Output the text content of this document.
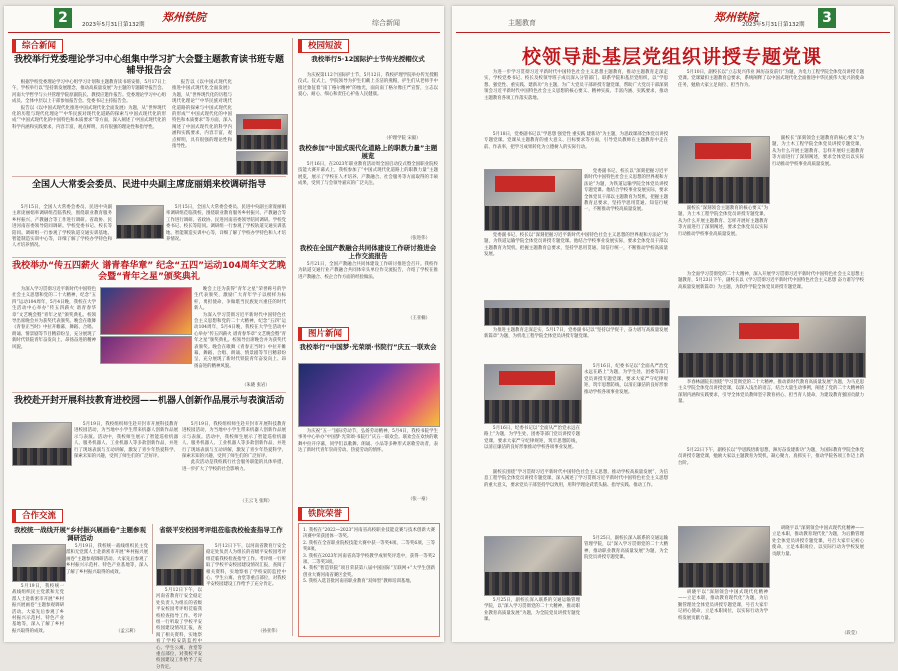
2	郑州铁院
2023年5月31日第132期	综合新闻
综合新闻
我校举行党委理论学习中心组集中学习扩大会暨主题教育读书班专题辅导报告会

根据学校党委理论学习中心组学习计划和主题教育读书班安排，5月17日上午，学校举行以“坚持新发展理念，推动高质量发展”为主题的专题辅导报告会。河南大学哲学与公共管理学院原副院长、教授应邀作报告。党委理论学习中心组成员、全体中层以上干部参加报告会。党委书记主持报告会。

报告以《以中国式现代化推进中国式现代化全面发展》为题，从“世界现代化的历程与现代化理论”“中华民族对现代化道路的探索与中国式现代化的形成”“中国式现代化的中国特色和本质要求”等方面，深入阐述了中国式现代化的科学内涵和实践要求，内容丰富，观点鲜明，具有很强的理论性和指导性。

报告以《以中国式现代化推进中国式现代化全面发展》为题，从“世界现代化的历程与现代化理论”“中华民族对现代化道路的探索与中国式现代化的形成”“中国式现代化的中国特色和本质要求”等方面，深入阐述了中国式现代化的科学内涵和实践要求，内容丰富，观点鲜明，具有很强的理论性和指导性。

全国人大常委会委员、民进中央副主席庞丽娟来校调研指导

5月15日，全国人大常委会委员、民进中央副主席庞丽娟率调研组莅临我校，围绕职业教育服务乡村振兴、产教融合等工作进行调研。省政协、民进河南省委领导陪同调研。学校党委书记、校长等陪同。调研组一行参观了学校轨道交通实训基地、智能制造实训中心等，详细了解了学校办学特色和人才培养情况。

5月15日，全国人大常委会委员、民进中央副主席庞丽娟率调研组莅临我校，围绕职业教育服务乡村振兴、产教融合等工作进行调研。省政协、民进河南省委领导陪同调研。学校党委书记、校长等陪同。调研组一行参观了学校轨道交通实训基地、智能制造实训中心等，详细了解了学校办学特色和人才培养情况。

我校举办“传五四薪火 谱青春华章” 纪念“五四”运动104周年文艺晚会暨“青年之星”颁奖典礼

为深入学习贯彻习近平新时代中国特色社会主义思想和党的二十大精神，纪念“五四”运动104周年，5月4日晚，我校在大学生活动中心举办“传五四薪火 谱青春华章”文艺晚会暨“青年之星”颁奖典礼。校领导出席晚会并为获奖代表颁奖。晚会在歌舞《青春正当时》中拉开帷幕，舞蹈、合唱、朗诵、情景剧等节目精彩纷呈，充分展现了新时代铁院青年奋发向上、昂扬奋进的精神风貌。

晚会上还为获得“青年之星”荣誉称号的学生代表颁奖，激励广大青年学子以榜样为标杆，勇担使命，争做堪当民族复兴重任的时代新人。

为深入学习贯彻习近平新时代中国特色社会主义思想和党的二十大精神，纪念“五四”运动104周年，5月4日晚，我校在大学生活动中心举办“传五四薪火 谱青春华章”文艺晚会暨“青年之星”颁奖典礼。校领导出席晚会并为获奖代表颁奖。晚会在歌舞《青春正当时》中拉开帷幕，舞蹈、合唱、朗诵、情景剧等节目精彩纷呈，充分展现了新时代铁院青年奋发向上、昂扬奋进的精神风貌。

（朱晓 张岩）
我校赴开封开展科技教育进校园——机器人创新作品展示与表演活动

5月19日，我校组织师生赴开封市开展科技教育进校园活动，为当地中小学生带来机器人创新作品展示与表演。活动中，我校师生展示了智能巡检机器人、服务机器人、工业机器人等多款创新作品，并进行了现场表演与互动讲解，激发了青少年热爱科学、探索未知的兴趣，受到了师生们的广泛好评。

5月19日，我校组织师生赴开封市开展科技教育进校园活动，为当地中小学生带来机器人创新作品展示与表演。活动中，我校师生展示了智能巡检机器人、服务机器人、工业机器人等多款创新作品，并进行了现场表演与互动讲解，激发了青少年热爱科学、探索未知的兴趣，受到了师生们的广泛好评。

此次活动是我校践行社会服务职能的具体举措，进一步扩大了学校的社会影响力。

（王云飞 张辉）
合作交流
我校统一战线开展“乡村振兴展画卷”主题参观调研活动

5月19日，我校统一战线组织民主党派和无党派人士赴新密市开展“乡村振兴展画卷”主题参观调研活动。大家先后参观了乡村振兴示范村、特色产业基地等，深入了解了乡村振兴取得的成效。

5月19日，我校统一战线组织民主党派和无党派人士赴新密市开展“乡村振兴展画卷”主题参观调研活动。大家先后参观了乡村振兴示范村、特色产业基地等，深入了解了乡村振兴取得的成效。	（孟云莉）
省级平安校园考评组莅临我校检查指导工作

5月12日下午，以河南省教育厅安全稳定处负责人为组长的省级平安校园考评组莅临我校检查指导工作。考评组一行听取了学校平安校园建设情况汇报，查阅了相关资料，实地察看了学校安防监控中心、学生公寓、食堂等重点部位，对我校平安校园建设工作给予了充分肯定。

5月12日下午，以河南省教育厅安全稳定处负责人为组长的省级平安校园考评组莅临我校检查指导工作。考评组一行听取了学校平安校园建设情况汇报，查阅了相关资料，实地察看了学校安防监控中心、学生公寓、食堂等重点部位，对我校平安校园建设工作给予了充分肯定。

（孙亚伟）
校园短波
我校举行5·12国际护士节传光授帽仪式

为庆祝第112个国际护士节，5月12日，我校护理学院举办传光授帽仪式。仪式上，学院领导为护生们戴上圣洁的燕帽，护生们从老师手中接过象征着“南丁格尔精神”的烛光，面向南丁格尔像庄严宣誓，立志以爱心、耐心、细心和责任心护佑人民健康。

（护理学院 宋毅）
我校参加“中国式现代化道路上的职教力量”主题展览

5月16日，在2023年职业教育活动周全国启动仪式暨全国职业院校技能大赛开幕式上，我校参加了“中国式现代化道路上的职教力量”主题展览，展示了学校在人才培养、产教融合、社会服务等方面取得的丰硕成果，受到了与会领导嘉宾的广泛关注。

（张进伟）
我校在全国产教融合共同体建设工作研讨推进会上作交流报告

5月21日，全国产教融合共同体建设工作研讨推进会召开。我校作为轨道交通行业产教融合共同体牵头单位作交流报告，介绍了学校在推进产教融合、校企合作方面的经验做法。

（王亚楠）
图片新闻
我校举行“中国梦·光荣颂·书院行”庆五一联欢会

为庆祝“五一”国际劳动节，弘扬劳动精神，5月4日，我校书院学生事务中心举办“中国梦·光荣颂·书院行”庆五一联欢会。联欢会在欢快的歌舞中拉开序幕，同学们以歌舞、朗诵、小品等多种形式讴歌劳动者，表达了新时代青年崇尚劳动、热爱劳动的情怀。

（张一豪）
铁院荣誉
1. 我校在“2022—2023”河南省高校职业技能竞赛与技术创新大赛决赛中荣获团体一等奖。
2. 我校在全省职业院校技能大赛中获一等奖4项、二等奖6项、三等奖8项。
3. 我校在2023年河南省高等学校教学成果奖评选中，获得一等奖2项、二等奖3项。
4. 我校“智造铁院”项目荣获第八届中国国际“互联网+”大学生创新创业大赛河南省赛区金奖。
5. 我校入选首批河南省职业教育“双师型”教师培训基地。
主题教育	郑州铁院
2023年5月31日第132期 3
校领导赴基层党组织讲授专题党课

为进一步学习贯彻习近平新时代中国特色社会主义思想主题教育，推动主题教育走深走实，学校党委书记、校长及校领导班子成员深入分管部门、联系学院和基层党组织，以“学思想、强党性、重实践、建新功”为主题，为广大党员干部讲授专题党课，帮助广大党员干部深刻领会习近平新时代中国特色社会主义思想的核心要义、精神实质、丰富内涵、实践要求，推动主题教育各项工作落实落地。

5月18日，党委副书记以“学思想 强党性 重实践 建新功”为主题，为思政课部全体党员讲授专题党课。党课从主题教育的重大意义、目标要求等方面，引导党员教师在主题教育中走在前、作表率，把学习成果转化为立德树人的实际行动。

党委副书记、校长以“深刻把握习近平新时代中国特色社会主义思想的世界观和方法论”为题，为铁道运输学院全体党员讲授专题党课。他结合学校事业发展实际，要求全体党员干部以主题教育为契机，把握主题教育总要求，坚持学思用贯通、知信行统一，不断推动学校高质量发展。

党委副书记、校长以“深刻把握习近平新时代中国特色社会主义思想的世界观和方法论”为题，为铁道运输学院全体党员讲授专题党课。他结合学校事业发展实际，要求全体党员干部以主题教育为契机，把握主题教育总要求，坚持学思用贯通、知信行统一，不断推动学校高质量发展。

为推进主题教育走深走实，5月17日，党委副书记以“坚持以学促干，奋力谱写高质量发展新篇章”为题，为机电工程学院全体党员讲授专题党课。

5月16日，纪委书记以“全面从严治党永远在路上”为题，为学生处、团委等部门党员讲授专题党课，要求大家严守纪律规矩，筑牢思想防线，以清正廉洁的良好形象推动学校各项事业发展。

5月16日，纪委书记以“全面从严治党永远在路上”为题，为学生处、团委等部门党员讲授专题党课，要求大家严守纪律规矩，筑牢思想防线，以清正廉洁的良好形象推动学校各项事业发展。

副校长围绕“学习贯彻习近平新时代中国特色社会主义思想，推动学校高质量发展”，为信息工程学院全体党员讲授专题党课，深入阐述了学习贯彻习近平新时代中国特色社会主义思想的重大意义，要求党员干部坚持学以致用，用科学理论武装头脑、指导实践、推动工作。

5月25日，副校长深入联系的交通运输管理学院，以“深入学习贯彻党的二十大精神，推动职业教育高质量发展”为题，为全院党员讲授专题党课。

5月25日，副校长深入联系的交通运输管理学院，以“深入学习贯彻党的二十大精神，推动职业教育高质量发展”为题，为全院党员讲授专题党课。

5月10日，副校长以“立志复兴伟业 踔厉奋发前行”为题，为电力工程学院全体党员讲授专题党课。党课紧扣主题教育总要求，系统阐释了以中国式现代化全面推进中华民族伟大复兴的使命任务，勉励大家立足岗位、担当作为。

副校长“深刻领会主题教育的核心要义”为题，为土木工程学院全体党员讲授专题党课，从为什么开展主题教育、怎样开展好主题教育等方面进行了深刻阐述，要求全体党员以实际行动推动学校事业高质量发展。

副校长“深刻领会主题教育的核心要义”为题，为土木工程学院全体党员讲授专题党课，从为什么开展主题教育、怎样开展好主题教育等方面进行了深刻阐述，要求全体党员以实际行动推动学校事业高质量发展。

为全面学习贯彻党的二十大精神，深入开展学习贯彻习近平新时代中国特色社会主义思想主题教育，5月23日下午，副校长以《学习贯彻习近平新时代中国特色社会主义思想 奋力谱写学校高质量发展新篇章》为主题，为软件学院全体党员讲授专题党课。

李春林副院长围绕“学习贯彻党的二十大精神，推动新时代教育高质量发展”为题，为马克思主义学院全体党员讲授党课，以深入浅出的语言，结合大量生动事例，阐述了党的二十大精神的深刻内涵和实践要求，引导全体党员教师坚守教育初心、担当育人使命，为建设教育强国贡献力量。

5月22日下午，副校长以“学思践悟新思想，踔厉奋发建新功”为题，为国际教育学院全体党员讲授专题党课，勉励大家以主题教育为契机，凝心聚力、真抓实干，推动学院各项工作迈上新台阶。

胡晓宇以“深刻领会中国式现代化精神——立足本职，推动教育现代化”为题，为后勤管理处全体党员讲授专题党课，号召大家牢记初心使命，立足本职岗位，以实际行动为学校发展贡献力量。

胡晓宇以“深刻领会中国式现代化精神——立足本职，推动教育现代化”为题，为后勤管理处全体党员讲授专题党课，号召大家牢记初心使命，立足本职岗位，以实际行动为学校发展贡献力量。

（段莹）
